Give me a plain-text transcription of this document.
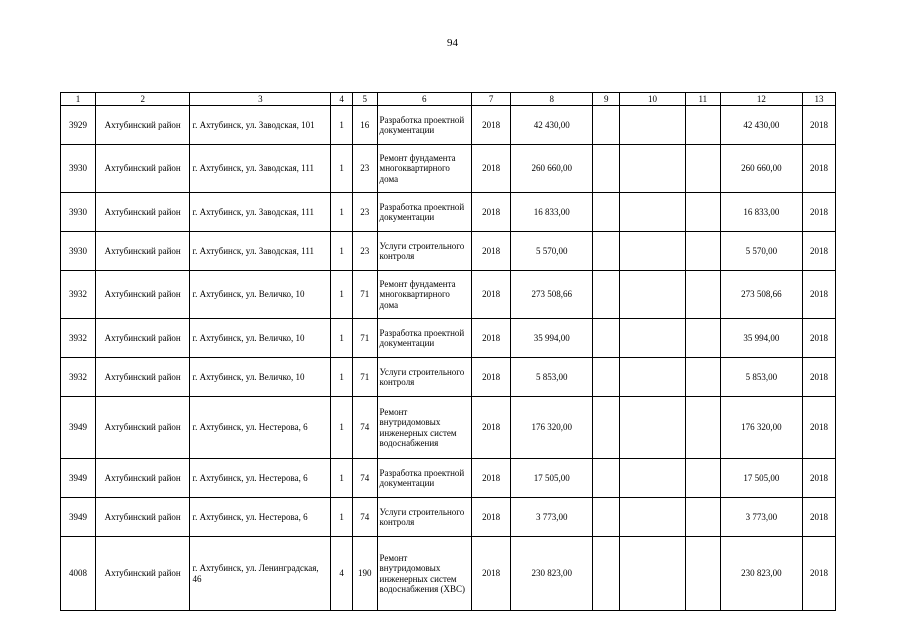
94
1	2	3	4	5	6	7	8	9	10	11	12	13
3929	Ахтубинский район	г. Ахтубинск, ул. Заводская, 101	1	16	Разработка проектной документации	2018	42 430,00				42 430,00	2018
3930	Ахтубинский район	г. Ахтубинск, ул. Заводская, 111	1	23	Ремонт фундамента многоквартирного дома	2018	260 660,00				260 660,00	2018
3930	Ахтубинский район	г. Ахтубинск, ул. Заводская, 111	1	23	Разработка проектной документации	2018	16 833,00				16 833,00	2018
3930	Ахтубинский район	г. Ахтубинск, ул. Заводская, 111	1	23	Услуги строительного контроля	2018	5 570,00				5 570,00	2018
3932	Ахтубинский район	г. Ахтубинск, ул. Величко, 10	1	71	Ремонт фундамента многоквартирного дома	2018	273 508,66				273 508,66	2018
3932	Ахтубинский район	г. Ахтубинск, ул. Величко, 10	1	71	Разработка проектной документации	2018	35 994,00				35 994,00	2018
3932	Ахтубинский район	г. Ахтубинск, ул. Величко, 10	1	71	Услуги строительного контроля	2018	5 853,00				5 853,00	2018
3949	Ахтубинский район	г. Ахтубинск, ул. Нестерова, 6	1	74	Ремонт внутридомовых инженерных систем водоснабжения	2018	176 320,00				176 320,00	2018
3949	Ахтубинский район	г. Ахтубинск, ул. Нестерова, 6	1	74	Разработка проектной документации	2018	17 505,00				17 505,00	2018
3949	Ахтубинский район	г. Ахтубинск, ул. Нестерова, 6	1	74	Услуги строительного контроля	2018	3 773,00				3 773,00	2018
4008	Ахтубинский район	г. Ахтубинск, ул. Ленинградская, 46	4	190	Ремонт внутридомовых инженерных систем водоснабжения (ХВС)	2018	230 823,00				230 823,00	2018
